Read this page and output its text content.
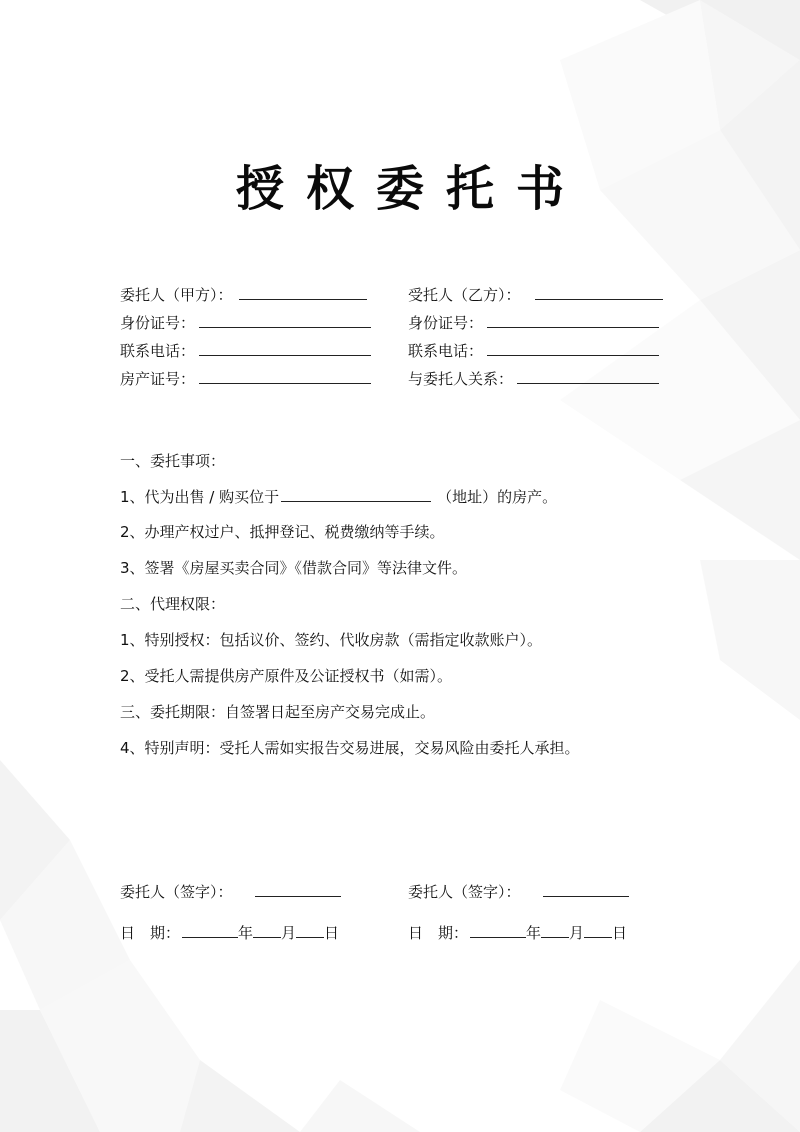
授权委托书
委托人（甲方）：	受托人（乙方）：
身份证号：	身份证号：
联系电话：	联系电话：
房产证号：	与委托人关系：
一、委托事项：
1、代为出售 / 购买位于	（地址）的房产。
2、办理产权过户、抵押登记、税费缴纳等手续。
3、签署《房屋买卖合同》《借款合同》等法律文件。
二、代理权限：
1、特别授权：包括议价、签约、代收房款（需指定收款账户）。
2、受托人需提供房产原件及公证授权书（如需）。
三、委托期限：自签署日起至房产交易完成止。
4、特别声明：受托人需如实报告交易进展，交易风险由委托人承担。
委托人（签字）：	委托人（签字）：
日　期：	年 月 日	日　期：	年 月 日
